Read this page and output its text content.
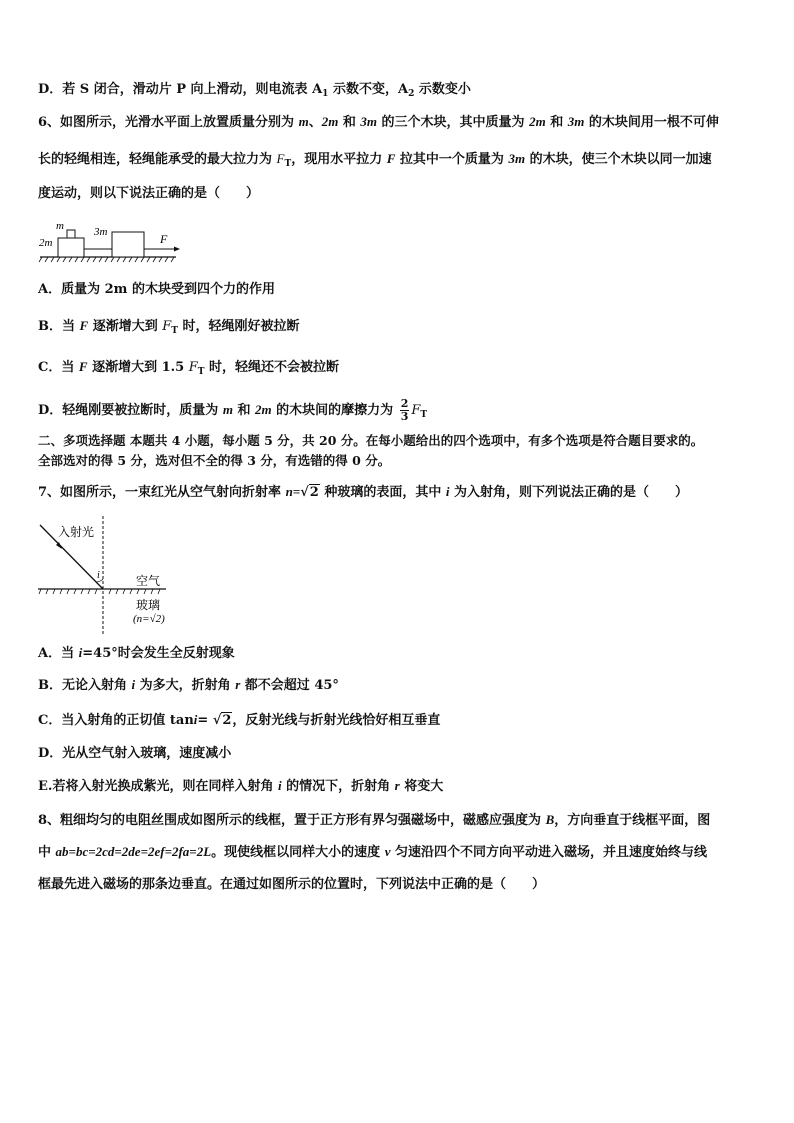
D．若 S 闭合，滑动片 P 向上滑动，则电流表 $A_1$ 示数不变，$A_2$ 示数变小
6、如图所示，光滑水平面上放置质量分别为 m、2m 和 3m 的三个木块，其中质量为 2m 和 3m 的木块间用一根不可伸
长的轻绳相连，轻绳能承受的最大拉力为 $F_T$，现用水平拉力 F 拉其中一个质量为 3m 的木块，使三个木块以同一加速
度运动，则以下说法正确的是（　　）
m
2m
3m	F
A．质量为 2m 的木块受到四个力的作用
B．当 F 逐渐增大到 $F_T$ 时，轻绳刚好被拉断
C．当 F 逐渐增大到 1.5 $F_T$ 时，轻绳还不会被拉断
D．轻绳刚要被拉断时，质量为 m 和 2m 的木块间的摩擦力为 $\frac{2}{3} F_T$
二、多项选择题 本题共 4 小题，每小题 5 分，共 20 分。在每小题给出的四个选项中，有多个选项是符合题目要求的。
全部选对的得 5 分，选对但不全的得 3 分，有选错的得 0 分。
7、如图所示，一束红光从空气射向折射率 n=√2 种玻璃的表面，其中 i 为入射角，则下列说法正确的是（　　）
入射光
i	空气
玻璃
(n=√2)
A．当 i=45°时会发生全反射现象
B．无论入射角 i 为多大，折射角 r 都不会超过 45°
C．当入射角的正切值 tani= √2，反射光线与折射光线恰好相互垂直
D．光从空气射入玻璃，速度减小
E.若将入射光换成紫光，则在同样入射角 i 的情况下，折射角 r 将变大
8、粗细均匀的电阻丝围成如图所示的线框，置于正方形有界匀强磁场中，磁感应强度为 B，方向垂直于线框平面，图
中 ab=bc=2cd=2de=2ef=2fa=2L。现使线框以同样大小的速度 v 匀速沿四个不同方向平动进入磁场，并且速度始终与线
框最先进入磁场的那条边垂直。在通过如图所示的位置时，下列说法中正确的是（　　）
